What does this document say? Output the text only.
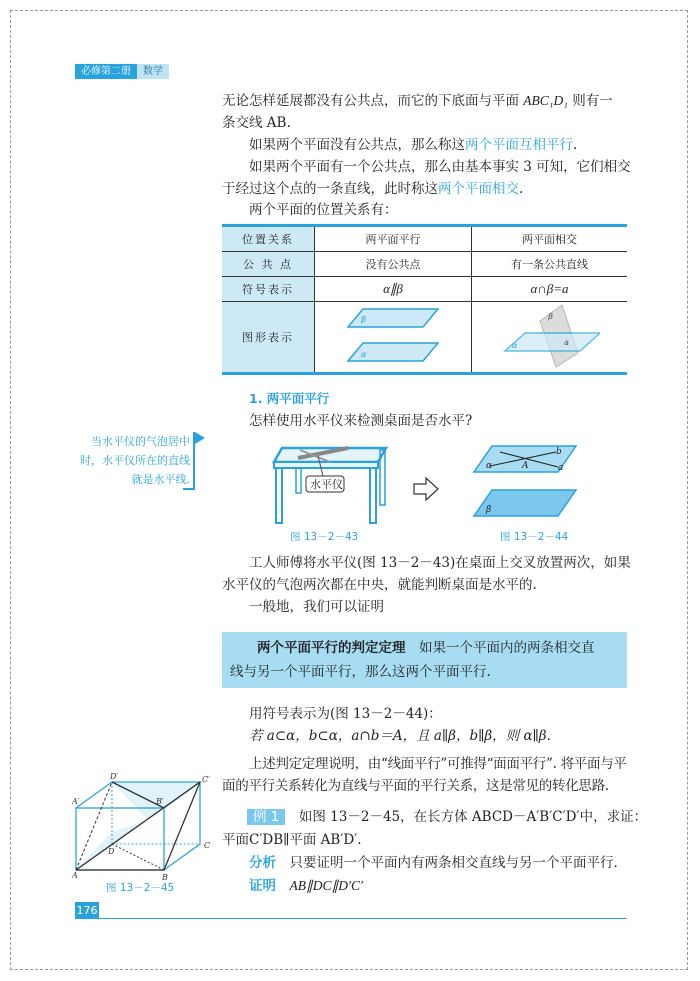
必修第二册	数学
无论怎样延展都没有公共点，而它的下底面与平面 ABC₁D₁ 则有一
条交线 AB.
如果两个平面没有公共点，那么称这两个平面互相平行.
如果两个平面有一个公共点，那么由基本事实 3 可知，它们相交
于经过这个点的一条直线，此时称这两个平面相交.
两个平面的位置关系有：
位置关系	两平面平行	两平面相交
公 共 点	没有公共点	有一条公共直线
符号表示	α∥β	α∩β=a
图形表示	β
α	β
α a
1. 两平面平行
怎样使用水平仪来检测桌面是否水平?
当水平仪的气泡居中时，水平仪所在的直线就是水平线.	水平仪
图 13－2－43
α	A
b
a
β
图 13－2－44
工人师傅将水平仪(图 13－2－43)在桌面上交叉放置两次，如果
水平仪的气泡两次都在中央，就能判断桌面是水平的.
一般地，我们可以证明
两个平面平行的判定定理　如果一个平面内的两条相交直
线与另一个平面平行，那么这两个平面平行.
用符号表示为(图 13－2－44)：
若 a⊂α，b⊂α，a∩b＝A，且 a∥β，b∥β，则 α∥β.
上述判定定理说明，由“线面平行”可推得“面面平行”. 将平面与平
面的平行关系转化为直线与平面的平行关系，这是常见的转化思路.
例 1　 如图 13－2－45，在长方体 ABCD－A′B′C′D′中，求证：
平面C′DB∥平面 AB′D′.
分析　 只要证明一个平面内有两条相交直线与另一个平面平行.
证明　 AB∥DC∥D′C′
A	B
C
D
A′	B′
C′
D′
图 13－2－45
176
